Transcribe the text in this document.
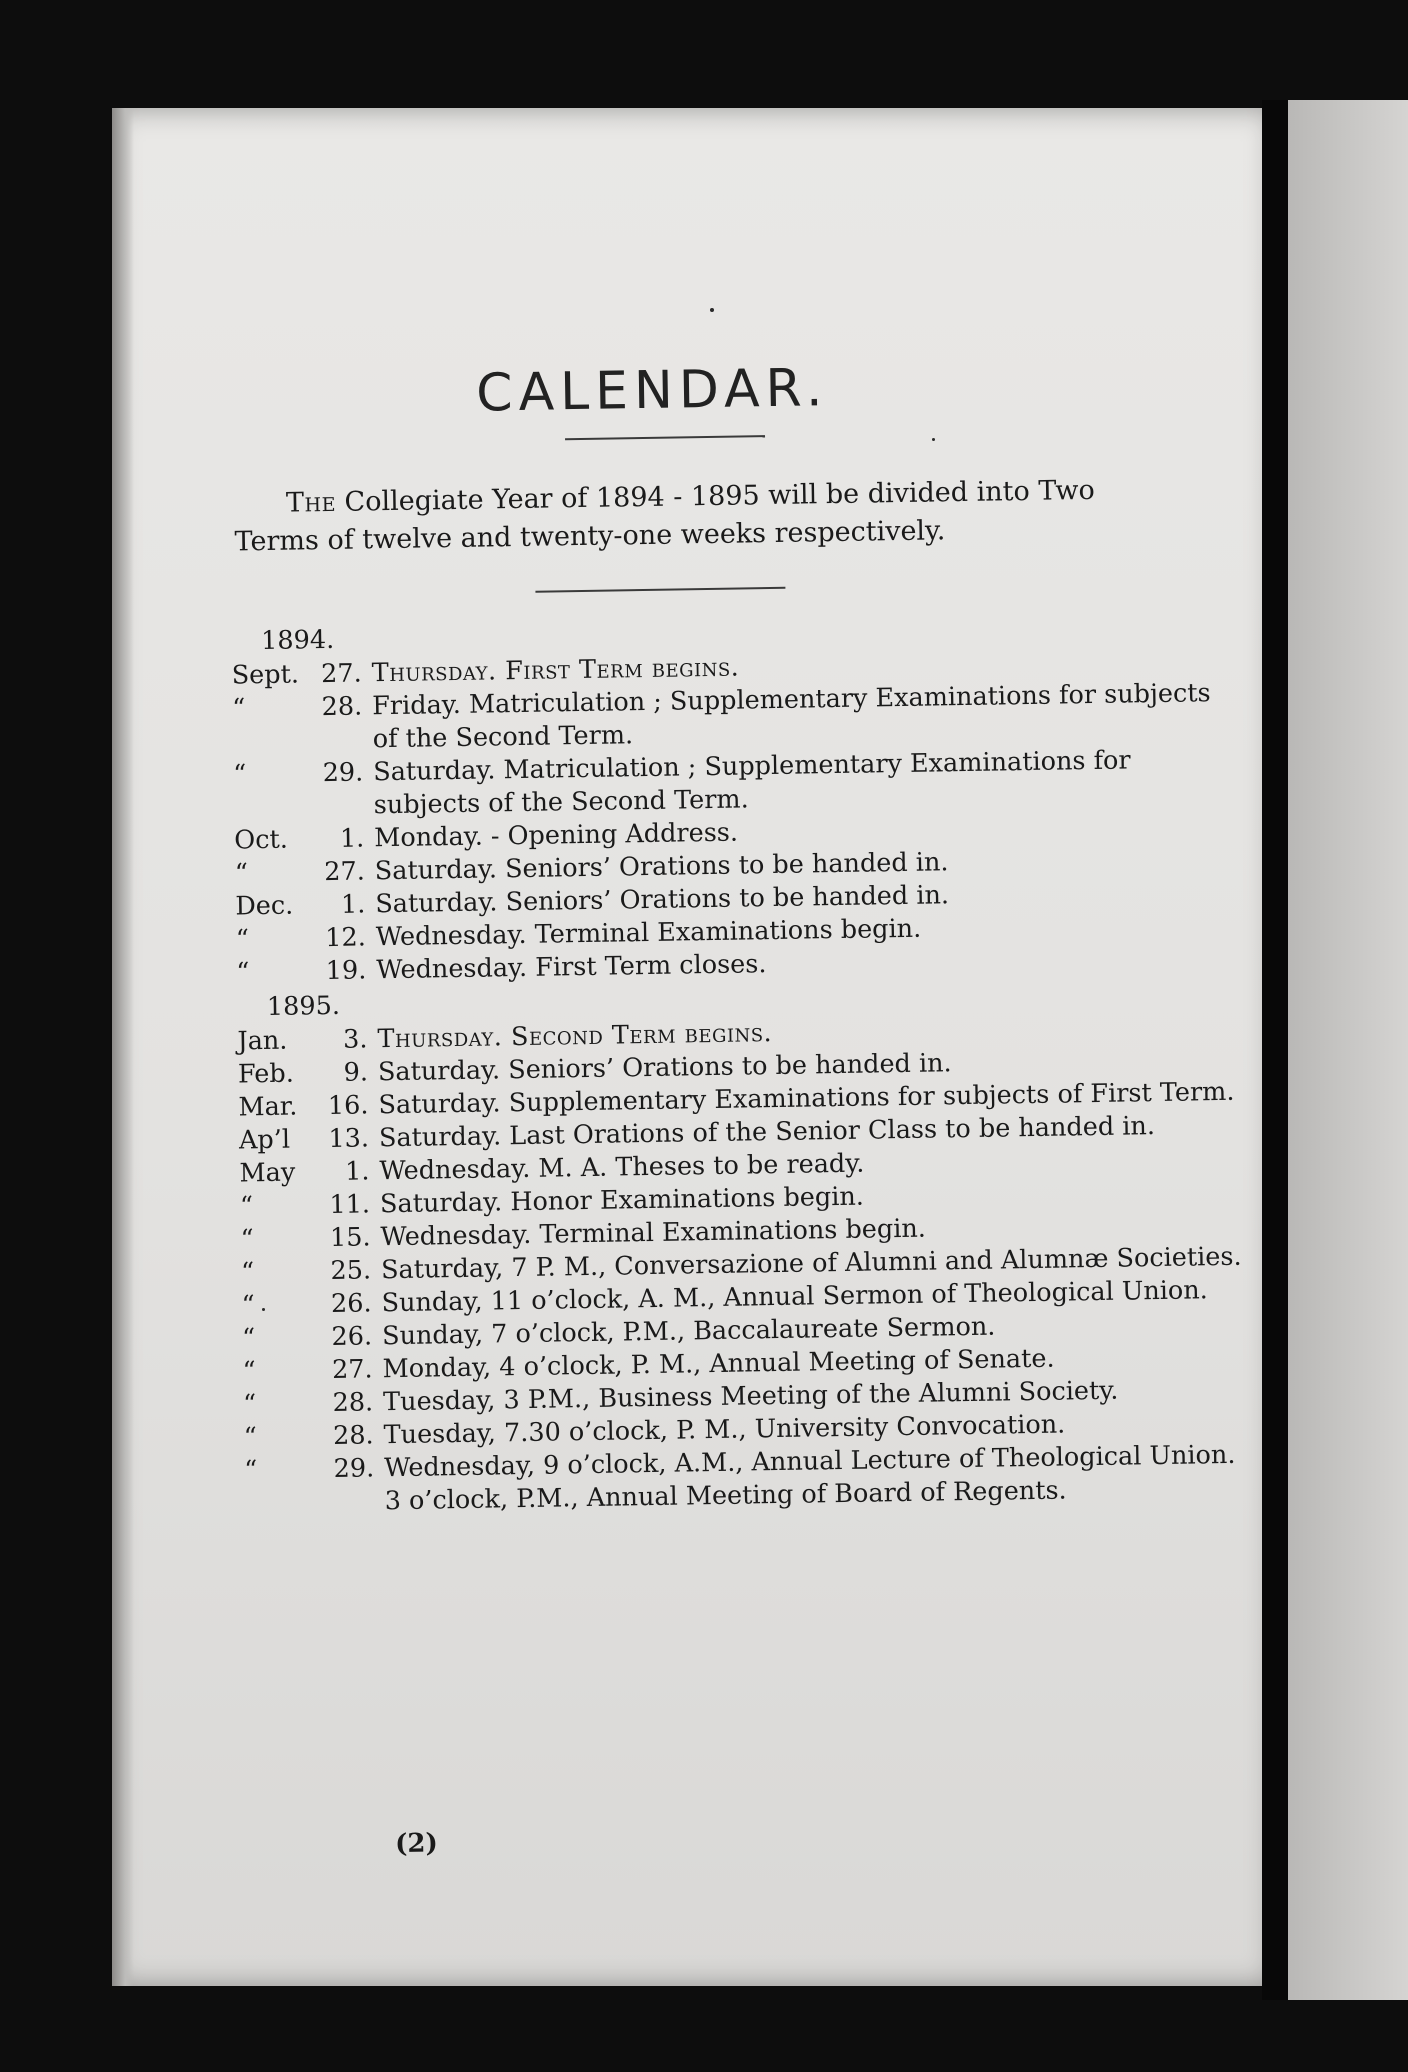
CALENDAR.
The Collegiate Year of 1894 - 1895 will be divided into Two
Terms of twelve and twenty-one weeks respectively.
1894.
Sept. 27. Thursday. First Term begins.
“	28. Friday. Matriculation ; Supplementary Examinations for subjects of the Second Term.
“	29. Saturday. Matriculation ; Supplementary Examinations for subjects of the Second Term.
Oct.	1. Monday. - Opening Address.
“	27. Saturday. Seniors’ Orations to be handed in.
Dec.	1. Saturday. Seniors’ Orations to be handed in.
“	12. Wednesday. Terminal Examinations begin.
“	19. Wednesday. First Term closes.
1895.
Jan.	3. Thursday. Second Term begins.
Feb.	9. Saturday. Seniors’ Orations to be handed in.
Mar.	16. Saturday. Supplementary Examinations for subjects of First Term.
Ap’l	13. Saturday. Last Orations of the Senior Class to be handed in.
May	1. Wednesday. M. A. Theses to be ready.
“	11. Saturday. Honor Examinations begin.
“	15. Wednesday. Terminal Examinations begin.
“	25. Saturday, 7 P. M., Conversazione of Alumni and Alumnæ Societies.
“	26. Sunday, 11 o’clock, A. M., Annual Sermon of Theological Union.
“	26. Sunday, 7 o’clock, P.M., Baccalaureate Sermon.
“	27. Monday, 4 o’clock, P. M., Annual Meeting of Senate.
“	28. Tuesday, 3 P.M., Business Meeting of the Alumni Society.
“	28. Tuesday, 7.30 o’clock, P. M., University Convocation.
“	29. Wednesday, 9 o’clock, A.M., Annual Lecture of Theological Union. 3 o’clock, P.M., Annual Meeting of Board of Regents.
(2)
